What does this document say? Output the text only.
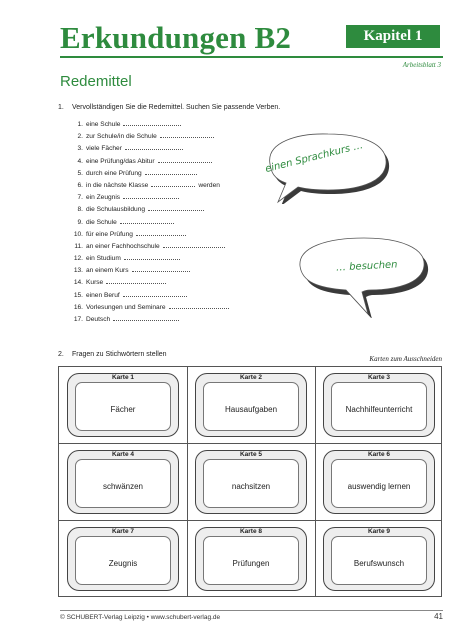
Erkundungen B2	Kapitel 1
Arbeitsblatt 3
Redemittel
1. Vervollständigen Sie die Redemittel. Suchen Sie passende Verben.
1. eine Schule
2. zur Schule/in die Schule
3. viele Fächer
4. eine Prüfung/das Abitur
5. durch eine Prüfung
6. in die nächste Klasse	werden
7. ein Zeugnis
8. die Schulausbildung
9. die Schule
10. für eine Prüfung
11. an einer Fachhochschule
12. ein Studium
13. an einem Kurs
14. Kurse
15. einen Beruf
16. Vorlesungen und Seminare
17. Deutsch
einen Sprachkurs …
… besuchen
2. Fragen zu Stichwörtern stellen
Karten zum Ausschneiden
Karte 1
Fächer
Karte 2
Hausaufgaben
Karte 3
Nachhilfeunterricht
Karte 4
schwänzen
Karte 5
nachsitzen
Karte 6
auswendig lernen
Karte 7
Zeugnis
Karte 8
Prüfungen
Karte 9
Berufswunsch
© SCHUBERT-Verlag Leipzig • www.schubert-verlag.de	41
